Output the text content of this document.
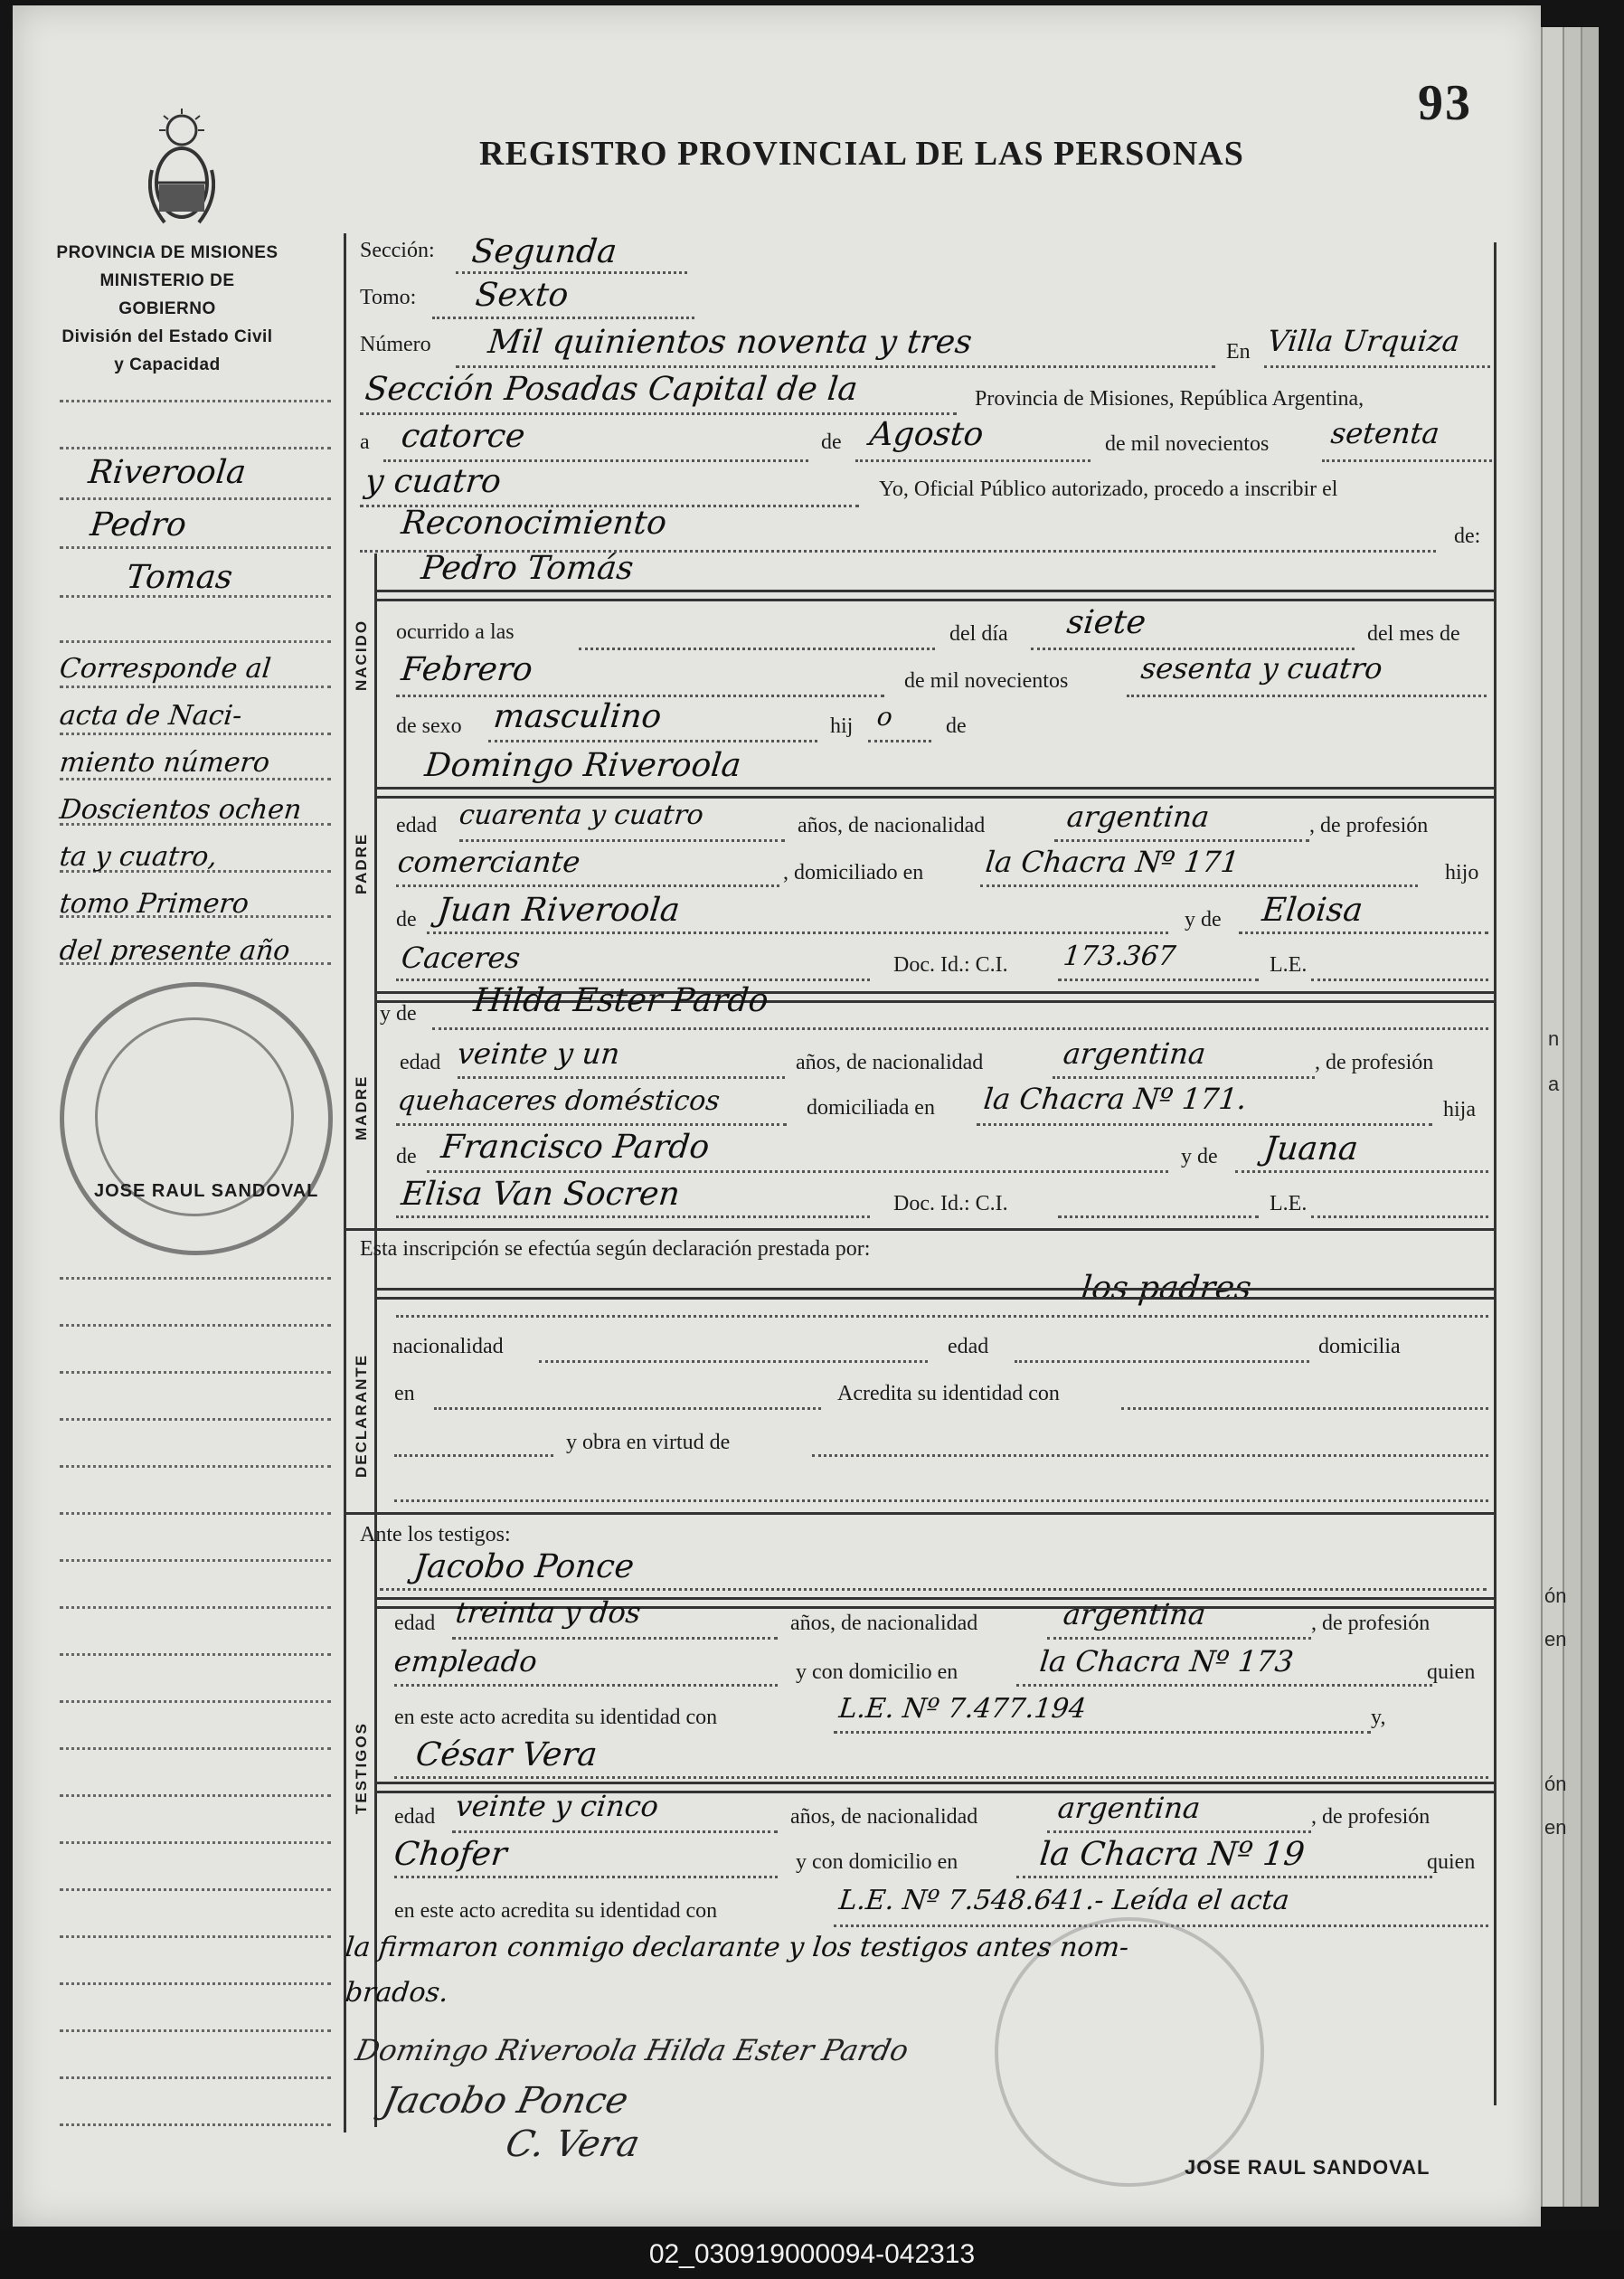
n
a
ón
en
ón
en
93
REGISTRO PROVINCIAL DE LAS PERSONAS
PROVINCIA DE MISIONES
MINISTERIO DE GOBIERNO
División del Estado Civil
y Capacidad
Riveroola
Pedro
Tomas
Corresponde al
acta de Naci-
miento número
Doscientos ochen
ta y cuatro,
tomo Primero
del presente año
JOSE RAUL SANDOVAL
Sección: Segunda
Tomo: Sexto
Número Mil quinientos noventa y tres	En Villa Urquiza
Sección Posadas Capital de la	Provincia de Misiones, República Argentina,
a catorce	de Agosto	de mil novecientos setenta
y cuatro	Yo, Oficial Público autorizado, procedo a inscribir el
Reconocimiento	de:
Pedro Tomás
NACIDO	ocurrido a las	del día siete	del mes de
Febrero	de mil novecientos sesenta y cuatro
de sexo masculino	hij o de
Domingo Riveroola
PADRE
edad cuarenta y cuatro	años, de nacionalidad	argentina	, de profesión
comerciante	, domiciliado en la Chacra Nº 171	hijo
de Juan Riveroola	y de Eloisa
Caceres	Doc. Id.: C.I. 173.367	L.E.
y de Hilda Ester Pardo
MADRE
edad veinte y un	años, de nacionalidad	argentina	, de profesión
quehaceres domésticos	domiciliada en la Chacra Nº 171.	hija
de Francisco Pardo	y de Juana
Elisa Van Socren	Doc. Id.: C.I.	L.E.
Esta inscripción se efectúa según declaración prestada por:
los padres
DECLARANTE
nacionalidad	edad	domicilia
en	Acredita su identidad con
y obra en virtud de
Ante los testigos:
Jacobo Ponce
TESTIGOS
edad treinta y dos	años, de nacionalidad	argentina	, de profesión
empleado	y con domicilio en	la Chacra Nº 173	quien
en este acto acredita su identidad con	L.E. Nº 7.477.194	y,
César Vera
edad veinte y cinco	años, de nacionalidad	argentina	, de profesión
Chofer	y con domicilio en la Chacra Nº 19	quien
en este acto acredita su identidad con	L.E. Nº 7.548.641.- Leída el acta
la firmaron conmigo declarante y los testigos antes nom-
brados.
Domingo Riveroola Hilda Ester Pardo
Jacobo Ponce
C. Vera
JOSE RAUL SANDOVAL
02_030919000094-042313
